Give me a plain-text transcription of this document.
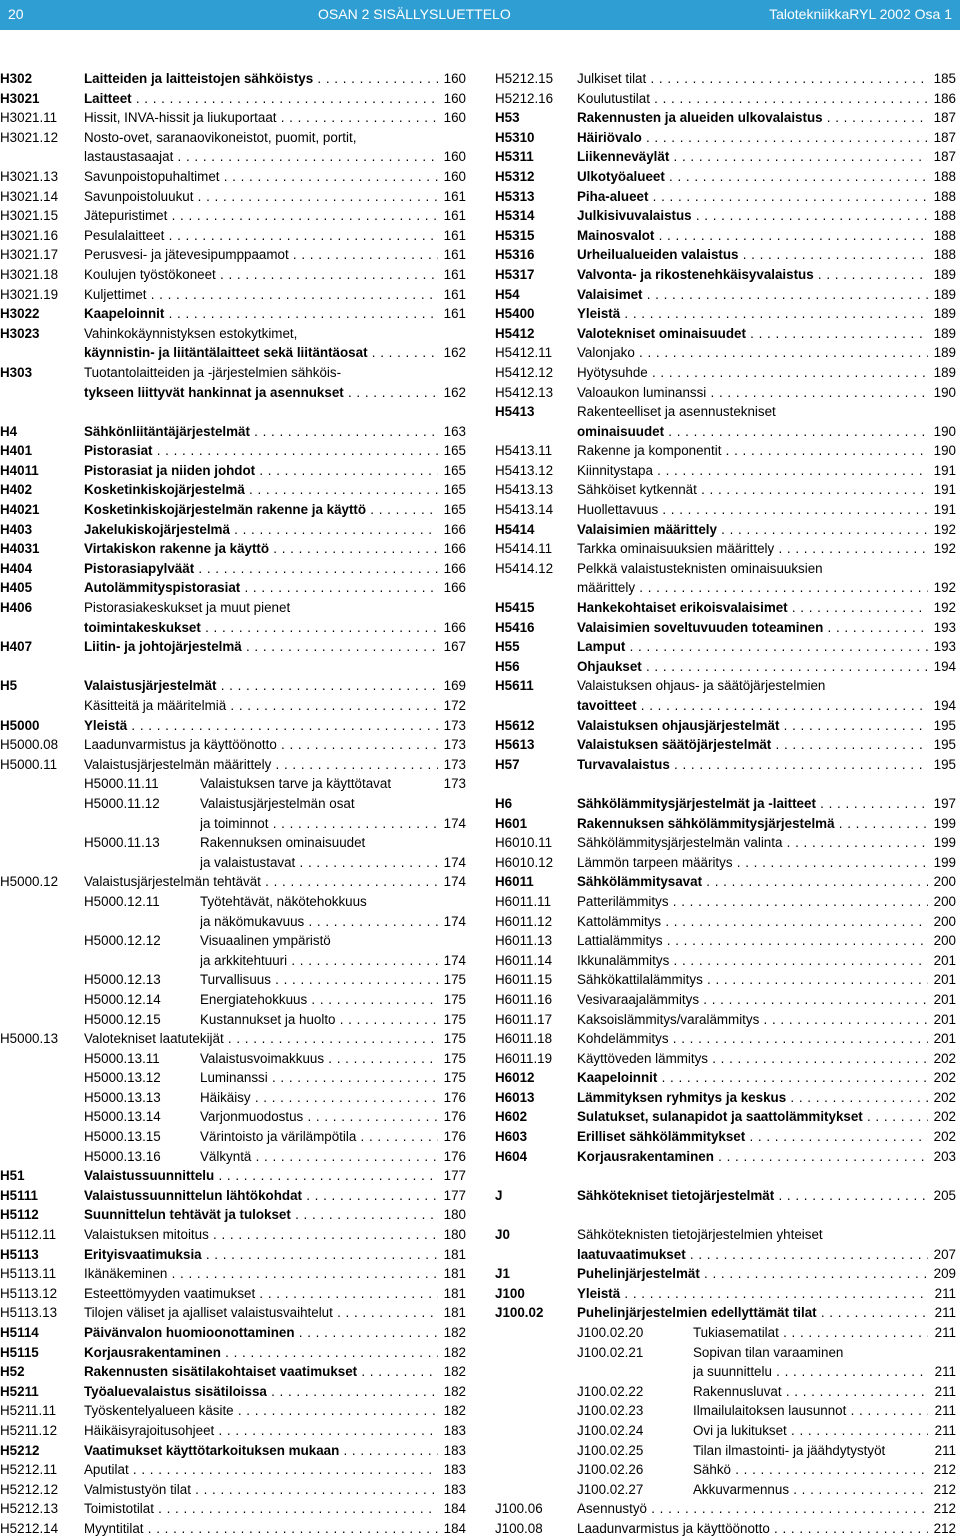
20	OSAN 2 SISÄLLYSLUETTELO	TalotekniikkaRYL 2002 Osa 1
H302	Laitteiden ja laitteistojen sähköistys . . .	160
H3021	Laitteet . . .	160
H3021.11 Hissit, INVA-hissit ja liukuportaat . . .	160
H3021.12 Nosto-ovet, saranaovikoneistot, puomit, portit,
lastaustasaajat . . .	160
H3021.13 Savunpoistopuhaltimet . . .	160
H3021.14 Savunpoistoluukut . . .	161
H3021.15 Jätepuristimet . . .	161
H3021.16 Pesulalaitteet . . .	161
H3021.17 Perusvesi- ja jätevesipumppaamot . . .	161
H3021.18 Koulujen työstökoneet . . .	161
H3021.19 Kuljettimet . . .	161
H3022	Kaapeloinnit . . .	161
H3023	Vahinkokäynnistyksen estokytkimet,
käynnistin- ja liitäntälaitteet sekä liitäntäosat . . .	162
H303	Tuotantolaitteiden ja -järjestelmien sähköis-
tykseen liittyvät hankinnat ja asennukset . . .	162
H4	Sähkönliitäntäjärjestelmät . . .	163
H401	Pistorasiat . . .	165
H4011	Pistorasiat ja niiden johdot . . .	165
H402	Kosketinkiskojärjestelmä . . .	165
H4021	Kosketinkiskojärjestelmän rakenne ja käyttö . . .	165
H403	Jakelukiskojärjestelmä . . .	166
H4031	Virtakiskon rakenne ja käyttö . . .	166
H404	Pistorasiapylväät . . .	166
H405	Autolämmityspistorasiat . . .	166
H406	Pistorasiakeskukset ja muut pienet
toimintakeskukset . . .	166
H407	Liitin- ja johtojärjestelmä . . .	167
H5	Valaistusjärjestelmät . . .	169
Käsitteitä ja määritelmiä . . .	172
H5000	Yleistä . . .	173
H5000.08 Laadunvarmistus ja käyttöönotto . . .	173
H5000.11 Valaistusjärjestelmän määrittely . . .	173
H5000.11.11	Valaistuksen tarve ja käyttötavat	173
H5000.11.12	Valaistusjärjestelmän osat
ja toiminnot . . .	174
H5000.11.13	Rakennuksen ominaisuudet
ja valaistustavat . . .	174
H5000.12 Valaistusjärjestelmän tehtävät . . .	174
H5000.12.11	Työtehtävät, näkötehokkuus
ja näkömukavuus . . .	174
H5000.12.12	Visuaalinen ympäristö
ja arkkitehtuuri . . .	174
H5000.12.13	Turvallisuus . . .	175
H5000.12.14	Energiatehokkuus . . .	175
H5000.12.15	Kustannukset ja huolto . . .	175
H5000.13 Valotekniset laatutekijät . . .	175
H5000.13.11	Valaistusvoimakkuus . . .	175
H5000.13.12	Luminanssi . . .	175
H5000.13.13	Häikäisy . . .	176
H5000.13.14	Varjonmuodostus . . .	176
H5000.13.15	Värintoisto ja värilämpötila . . .	176
H5000.13.16	Välkyntä . . .	176
H51	Valaistussuunnittelu . . .	177
H5111	Valaistussuunnittelun lähtökohdat . . .	177
H5112	Suunnittelun tehtävät ja tulokset . . .	180
H5112.11 Valaistuksen mitoitus . . .	180
H5113	Erityisvaatimuksia . . .	181
H5113.11 Ikänäkeminen . . .	181
H5113.12 Esteettömyyden vaatimukset . . .	181
H5113.13 Tilojen väliset ja ajalliset valaistusvaihtelut . . .	181
H5114	Päivänvalon huomioonottaminen . . .	182
H5115	Korjausrakentaminen . . .	182
H52	Rakennusten sisätilakohtaiset vaatimukset . . .	182
H5211	Työaluevalaistus sisätiloissa . . .	182
H5211.11 Työskentelyalueen käsite . . .	182
H5211.12 Häikäisyrajoitusohjeet . . .	183
H5212	Vaatimukset käyttötarkoituksen mukaan . . .	183
H5212.11 Aputilat . . .	183
H5212.12 Valmistustyön tilat . . .	183
H5212.13 Toimistotilat . . .	184
H5212.14 Myyntitilat . . .	184
H5212.15 Julkiset tilat . . .	185
H5212.16 Koulutustilat . . .	186
H53	Rakennusten ja alueiden ulkovalaistus . . .	187
H5310	Häiriövalo . . .	187
H5311	Liikenneväylät . . .	187
H5312	Ulkotyöalueet . . .	188
H5313	Piha-alueet . . .	188
H5314	Julkisivuvalaistus . . .	188
H5315	Mainosvalot . . .	188
H5316	Urheilualueiden valaistus . . .	188
H5317	Valvonta- ja rikostenehkäisyvalaistus . . .	189
H54	Valaisimet . . .	189
H5400	Yleistä . . .	189
H5412	Valotekniset ominaisuudet . . .	189
H5412.11 Valonjako . . .	189
H5412.12 Hyötysuhde . . .	189
H5412.13 Valoaukon luminanssi . . .	190
H5413	Rakenteelliset ja asennustekniset
ominaisuudet . . .	190
H5413.11 Rakenne ja komponentit . . .	190
H5413.12 Kiinnitystapa . . .	191
H5413.13 Sähköiset kytkennät . . .	191
H5413.14 Huollettavuus . . .	191
H5414	Valaisimien määrittely . . .	192
H5414.11 Tarkka ominaisuuksien määrittely . . .	192
H5414.12 Pelkkä valaistusteknisten ominaisuuksien
määrittely . . .	192
H5415	Hankekohtaiset erikoisvalaisimet . . .	192
H5416	Valaisimien soveltuvuuden toteaminen . . .	193
H55	Lamput . . .	193
H56	Ohjaukset . . .	194
H5611	Valaistuksen ohjaus- ja säätöjärjestelmien
tavoitteet . . .	194
H5612	Valaistuksen ohjausjärjestelmät . . .	195
H5613	Valaistuksen säätöjärjestelmät . . .	195
H57	Turvavalaistus . . .	195
H6	Sähkölämmitysjärjestelmät ja -laitteet . . .	197
H601	Rakennuksen sähkölämmitysjärjestelmä . . .	199
H6010.11 Sähkölämmitysjärjestelmän valinta . . .	199
H6010.12 Lämmön tarpeen määritys . . .	199
H6011	Sähkölämmitysavat . . .	200
H6011.11 Patterilämmitys . . .	200
H6011.12 Kattolämmitys . . .	200
H6011.13 Lattialämmitys . . .	200
H6011.14 Ikkunalämmitys . . .	201
H6011.15 Sähkökattilalämmitys . . .	201
H6011.16 Vesivaraajalämmitys . . .	201
H6011.17 Kaksoislämmitys/varalämmitys . . .	201
H6011.18 Kohdelämmitys . . .	201
H6011.19 Käyttöveden lämmitys . . .	202
H6012	Kaapeloinnit . . .	202
H6013	Lämmityksen ryhmitys ja keskus . . .	202
H602	Sulatukset, sulanapidot ja saattolämmitykset . . .	202
H603	Erilliset sähkölämmitykset . . .	202
H604	Korjausrakentaminen . . .	203
J	Sähkötekniset tietojärjestelmät . . .	205
J0	Sähköteknisten tietojärjestelmien yhteiset
laatuvaatimukset . . .	207
J1	Puhelinjärjestelmät . . .	209
J100	Yleistä . . .	211
J100.02	Puhelinjärjestelmien edellyttämät tilat . . .	211
J100.02.20	Tukiasematilat . . .	211
J100.02.21	Sopivan tilan varaaminen
ja suunnittelu . . .	211
J100.02.22	Rakennusluvat . . .	211
J100.02.23	Ilmailulaitoksen lausunnot . . .	211
J100.02.24	Ovi ja lukitukset . . .	211
J100.02.25	Tilan ilmastointi- ja jäähdytystyöt	211
J100.02.26	Sähkö . . .	212
J100.02.27	Akkuvarmennus . . .	212
J100.06	Asennustyö . . .	212
J100.08	Laadunvarmistus ja käyttöönotto . . .	212
